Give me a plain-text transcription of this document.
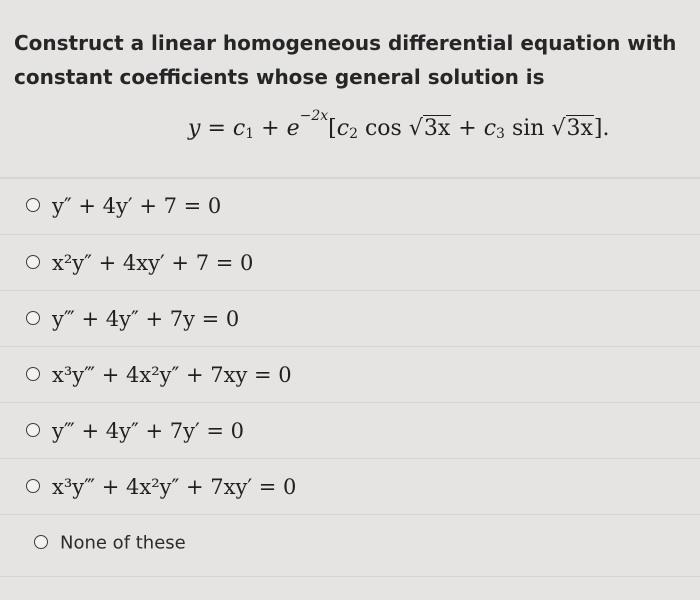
Construct a linear homogeneous differential equation with constant coefficients whose general solution is
y
=
c 1
+
e −2x [ c 2
cos
√3x
+
c 3
sin
√3x ] .
y″ + 4y′ + 7 = 0
x²y″ + 4xy′ + 7 = 0
y‴ + 4y″ + 7y = 0
x³y‴ + 4x²y″ + 7xy = 0
y‴ + 4y″ + 7y′ = 0
x³y‴ + 4x²y″ + 7xy′ = 0
None of these
